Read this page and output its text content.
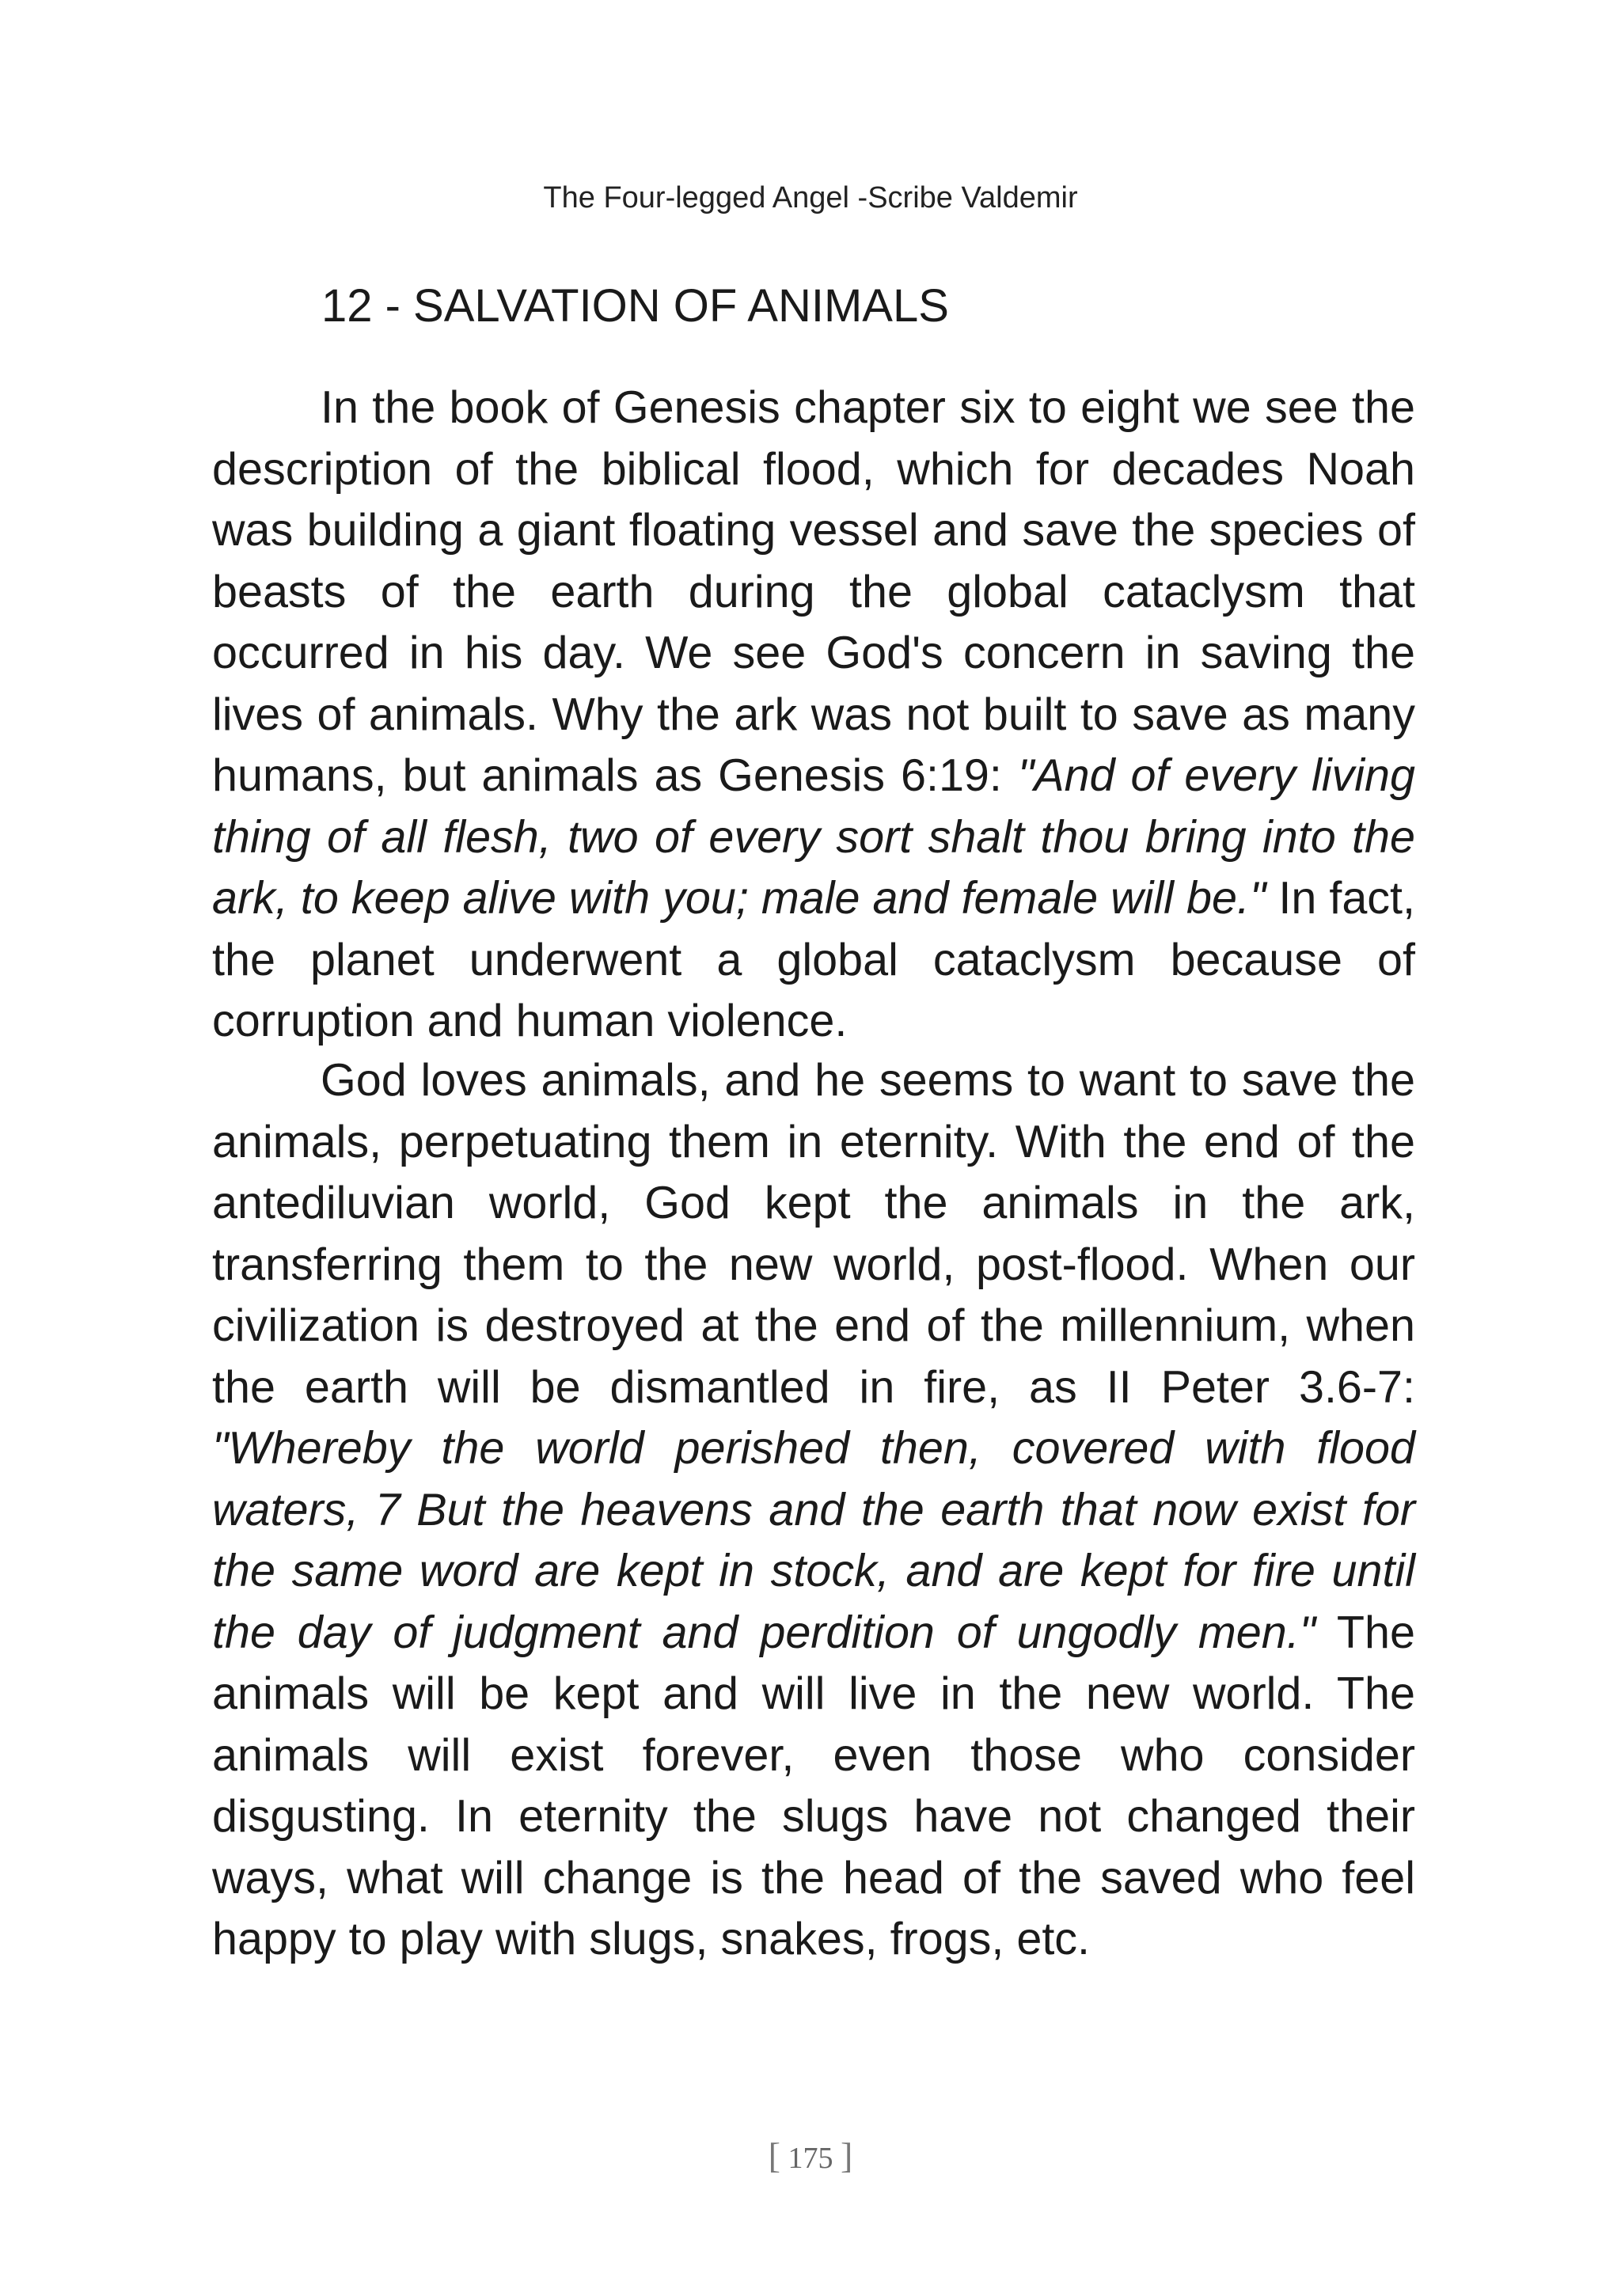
The Four-legged Angel -Scribe Valdemir
12 - SALVATION OF ANIMALS

In the book of Genesis chapter six to eight we see the description of the biblical flood, which for decades Noah was building a giant floating vessel and save the species of beasts of the earth during the global cataclysm that occurred in his day. We see God's concern in saving the lives of animals. Why the ark was not built to save as many humans, but animals as Genesis 6:19: "And of every living thing of all flesh, two of every sort shalt thou bring into the ark, to keep alive with you; male and female will be." In fact, the planet underwent a global cataclysm because of corruption and human violence.

God loves animals, and he seems to want to save the animals, perpetuating them in eternity. With the end of the antediluvian world, God kept the animals in the ark, transferring them to the new world, post-flood. When our civilization is destroyed at the end of the millennium, when the earth will be dismantled in fire, as II Peter 3.6-7: "Whereby the world perished then, covered with flood waters, 7 But the heavens and the earth that now exist for the same word are kept in stock, and are kept for fire until the day of judgment and perdition of ungodly men." The animals will be kept and will live in the new world. The animals will exist forever, even those who consider disgusting. In eternity the slugs have not changed their ways, what will change is the head of the saved who feel happy to play with slugs, snakes, frogs, etc.

[ 175 ]
